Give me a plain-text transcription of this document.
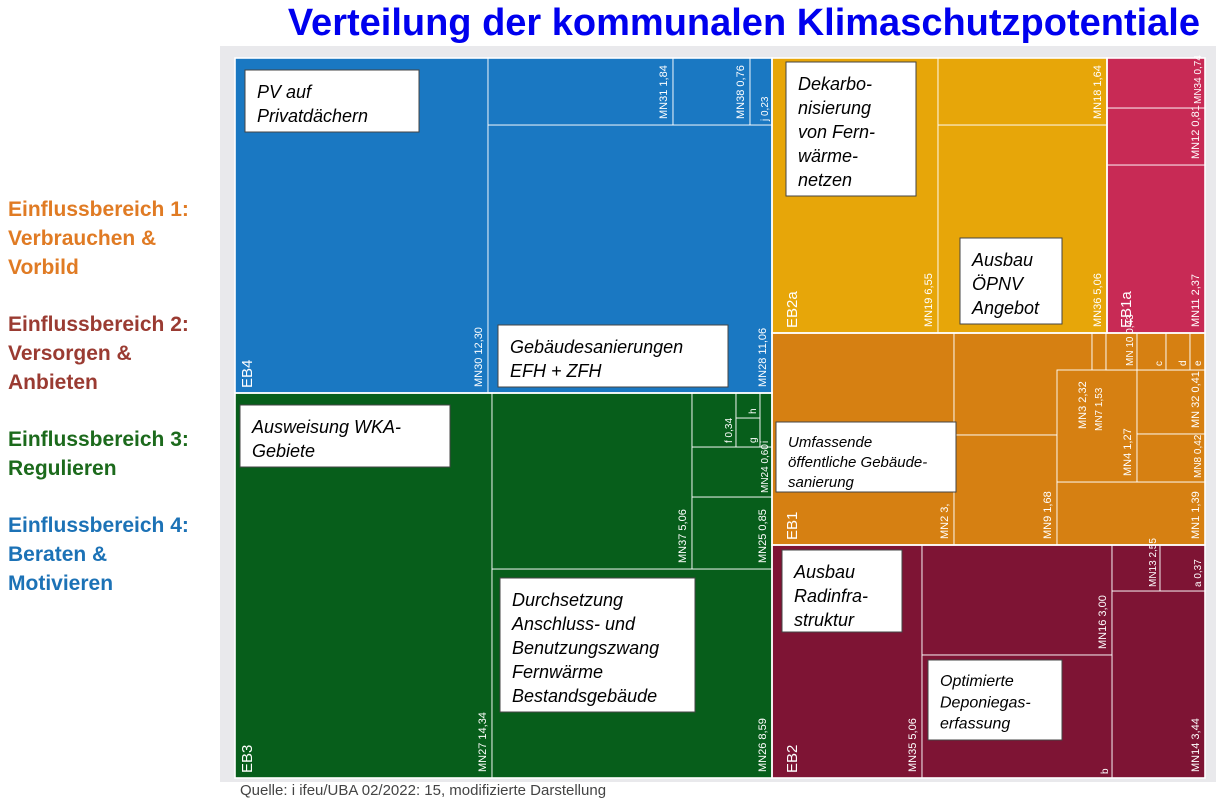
Verteilung der kommunalen Klimaschutzpotentiale
Einflussbereich 1:
Verbrauchen &
Vorbild
Einflussbereich 2:
Versorgen &
Anbieten
Einflussbereich 3:
Regulieren
Einflussbereich 4:
Beraten &
Motivieren
MN30 12,30	MN28 11,06
MN31 1,84	MN38 0,76 j 0,23
MN27 14,34	MN26 8,59
MN37 5,06	MN25 0,85
MN24 0,60
f 0,34 g
h
i
MN19 6,55	MN36 5,06
MN18 1,64
MN11 2,37
MN12 0,81
MN34 0,74
MN2 3,
MN3 2,32
MN9 1,68
MN7 1,53
MN1 1,39
MN4 1,27
MN 10 0,43
MN 32 0,41
MN8 0,42
c d e
MN35 5,06
MN16 3,00
MN14 3,44
MN13 2,55	a 0,37
b
EB4
EB3
EB2a
EB1
EB1a
EB2
PV auf Privatdächern
Gebäudesanierungen EFH + ZFH
Ausweisung WKA-Gebiete
Durchsetzung Anschluss- und Benutzungszwang Fernwärme Bestandsgebäude
Dekarbo-nisierung von Fern-wärme-netzen
Ausbau ÖPNV Angebot
Umfassende öffentliche Gebäude-sanierung
Ausbau Radinfra-struktur
Optimierte Deponiegas-erfassung
Quelle: i ifeu/UBA 02/2022: 15, modifizierte Darstellung
